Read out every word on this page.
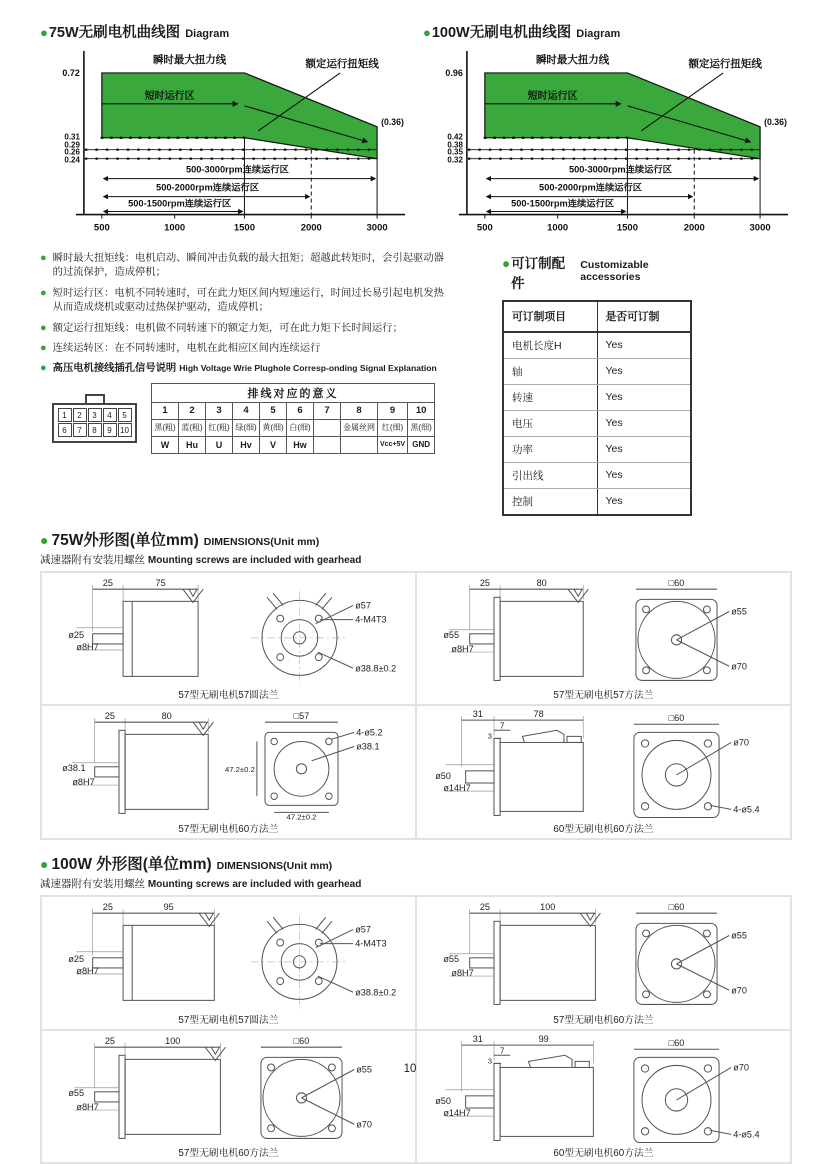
● 75W无刷电机曲线图 Diagram
0.72
0.31
0.29
0.26
0.24
500	1000	1500	2000	3000
瞬时最大扭力线	额定运行扭矩线
短时运行区
(0.36)
500-3000rpm连续运行区
500-2000rpm连续运行区
500-1500rpm连续运行区
● 100W无刷电机曲线图 Diagram
0.96
0.42
0.38
0.35
0.32
500	1000	1500	2000	3000
瞬时最大扭力线	额定运行扭矩线
短时运行区
(0.36)
500-3000rpm连续运行区
500-2000rpm连续运行区
500-1500rpm连续运行区
● 瞬时最大扭矩线：电机启动、瞬间冲击负载的最大扭矩；超越此转矩时，会引起驱动器的过流保护，造成停机；
● 短时运行区：电机不同转速时，可在此力矩区间内短速运行，时间过长易引起电机发热从而造成烧机或驱动过热保护驱动，造成停机；
● 额定运行扭矩线：电机做不同转速下的额定力矩，可在此力矩下长时间运行；
● 连续运转区：在不同转速时，电机在此相应区间内连续运行
● 高压电机接线插孔信号说明 High Voltage Wrie Plughole Corresp-onding Signal Explanation
1	2	3	4	5
6	7	8	9	10
排线对应的意义									
1	2	3	4	5	6	7	8	9	10
黑(粗)	蓝(粗)	红(粗)	绿(细)	黄(细)	白(细)		金属丝网	红(细)	黑(细)
W	Hu	U	Hv	V	Hw			Vcc+5V	GND
● 可订制配件
Customizable accessories
可订制项目	是否可订制
电机长度H	Yes
轴	Yes
转速	Yes
电压	Yes
功率	Yes
引出线	Yes
控制	Yes
● 75W外形图(单位mm) DIMENSIONS(Unit mm)
减速器附有安装用螺丝 Mounting screws are included with gearhead
25	75
ø25
ø8H7
ø57
4-M4T3
ø38.8±0.2
57型无刷电机57圆法兰
25	80
ø55
ø8H7
□60
ø55
ø70
57型无刷电机57方法兰
25	80
ø38.1
ø8H7
□57
4-ø5.2
ø38.1
47.2±0.2
47.2±0.2
57型无刷电机60方法兰
31	78
7
3
ø50
ø14H7
□60
ø70
4-ø5.4
60型无刷电机60方法兰
● 100W 外形图(单位mm) DIMENSIONS(Unit mm)
减速器附有安装用螺丝 Mounting screws are included with gearhead
25	95
ø25
ø8H7
ø57
4-M4T3
ø38.8±0.2
57型无刷电机57圆法兰
25	100
ø55
ø8H7
□60
ø55
ø70
57型无刷电机60方法兰
25	100
ø55
ø8H7
□60
ø55
ø70
57型无刷电机60方法兰
31	99
7
3
ø50
ø14H7
□60
ø70
4-ø5.4
60型无刷电机60方法兰
10
